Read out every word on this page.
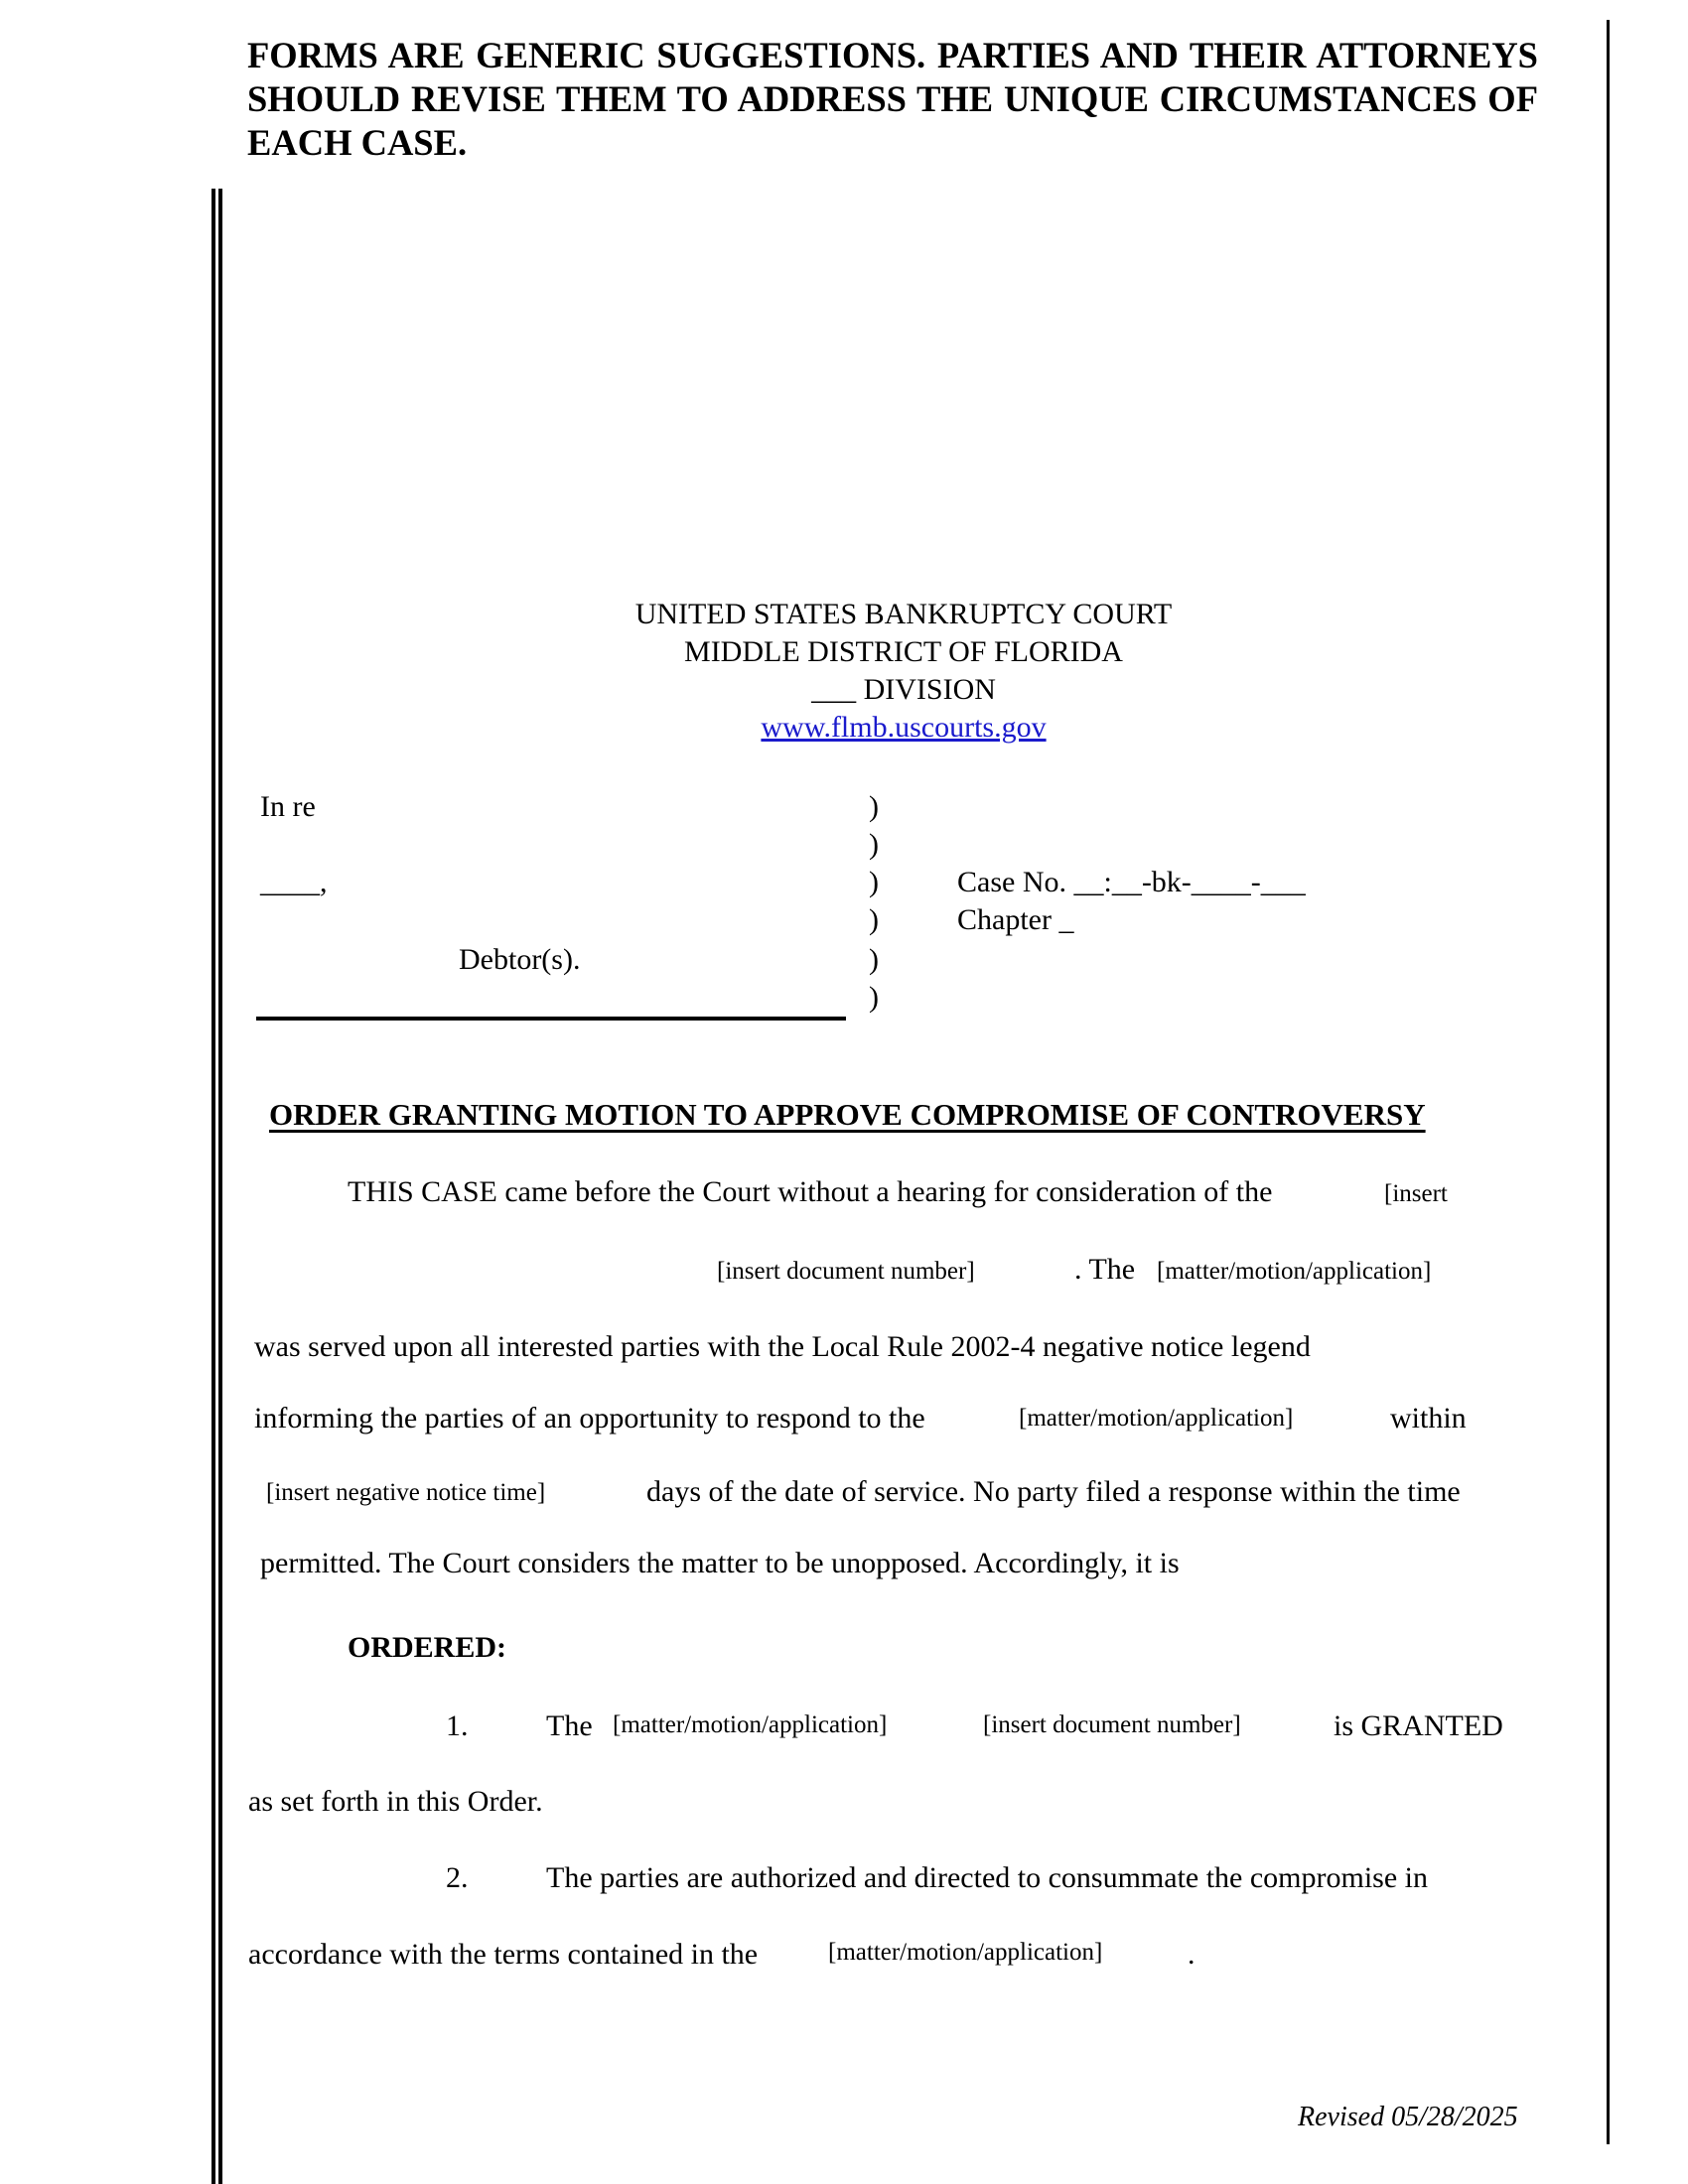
FORMS ARE GENERIC SUGGESTIONS. PARTIES AND THEIR ATTORNEYS SHOULD REVISE THEM TO ADDRESS THE UNIQUE CIRCUMSTANCES OF EACH CASE.
UNITED STATES BANKRUPTCY COURT
MIDDLE DISTRICT OF FLORIDA
___ DIVISION
www.flmb.uscourts.gov
In re
____,
Debtor(s).
)
)
)
)
)
)
Case No. __:__-bk-____-___
Chapter _
ORDER GRANTING MOTION TO APPROVE COMPROMISE OF CONTROVERSY
THIS CASE came before the Court without a hearing for consideration of the	[insert
[insert document number]	. The [matter/motion/application]
was served upon all interested parties with the Local Rule 2002-4 negative notice legend
informing the parties of an opportunity to respond to the	[matter/motion/application]	within
[insert negative notice time]	days of the date of service. No party filed a response within the time
permitted. The Court considers the matter to be unopposed. Accordingly, it is
ORDERED:
1.	The [matter/motion/application]	[insert document number]	is GRANTED
as set forth in this Order.
2.	The parties are authorized and directed to consummate the compromise in
accordance with the terms contained in the	[matter/motion/application]	.
Revised 05/28/2025
